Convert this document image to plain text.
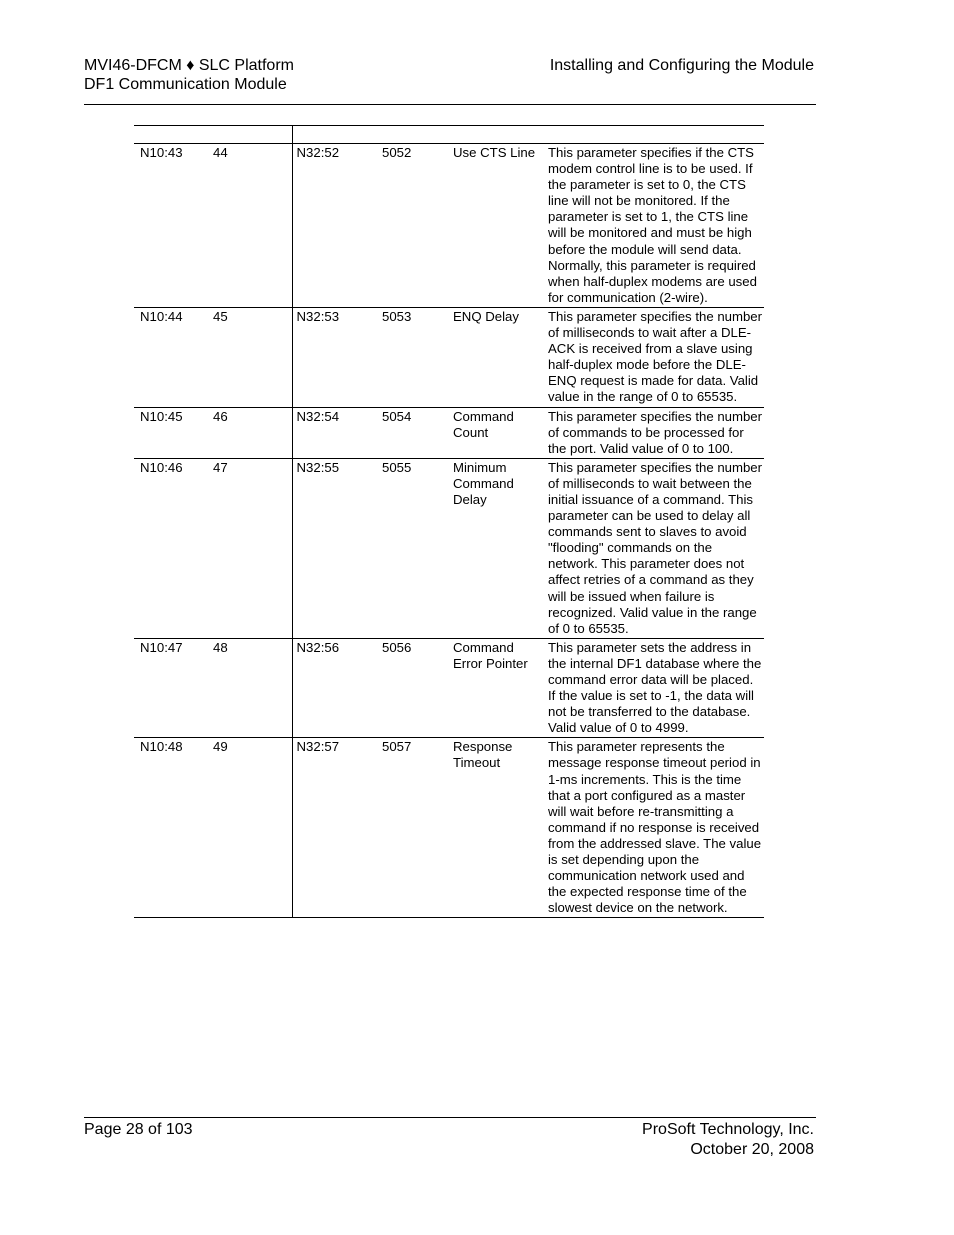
MVI46-DFCM ♦ SLC Platform
DF1 Communication Module
Installing and Configuring the Module

N10:43	44	N32:52	5052	Use CTS Line	This parameter specifies if the CTS modem control line is to be used. If the parameter is set to 0, the CTS line will not be monitored. If the parameter is set to 1, the CTS line will be monitored and must be high before the module will send data. Normally, this parameter is required when half-duplex modems are used for communication (2-wire).
N10:44	45	N32:53	5053	ENQ Delay	This parameter specifies the number of milliseconds to wait after a DLE-ACK is received from a slave using half-duplex mode before the DLE-ENQ request is made for data. Valid value in the range of 0 to 65535.
N10:45	46	N32:54	5054	Command Count	This parameter specifies the number of commands to be processed for the port. Valid value of 0 to 100.
N10:46	47	N32:55	5055	Minimum Command Delay	This parameter specifies the number of milliseconds to wait between the initial issuance of a command. This parameter can be used to delay all commands sent to slaves to avoid "flooding" commands on the network. This parameter does not affect retries of a command as they will be issued when failure is recognized. Valid value in the range of 0 to 65535.
N10:47	48	N32:56	5056	Command Error Pointer	This parameter sets the address in the internal DF1 database where the command error data will be placed. If the value is set to -1, the data will not be transferred to the database. Valid value of 0 to 4999.
N10:48	49	N32:57	5057	Response Timeout	This parameter represents the message response timeout period in 1-ms increments. This is the time that a port configured as a master will wait before re-transmitting a command if no response is received from the addressed slave. The value is set depending upon the communication network used and the expected response time of the slowest device on the network.
Page 28 of 103	ProSoft Technology, Inc.
October 20, 2008
